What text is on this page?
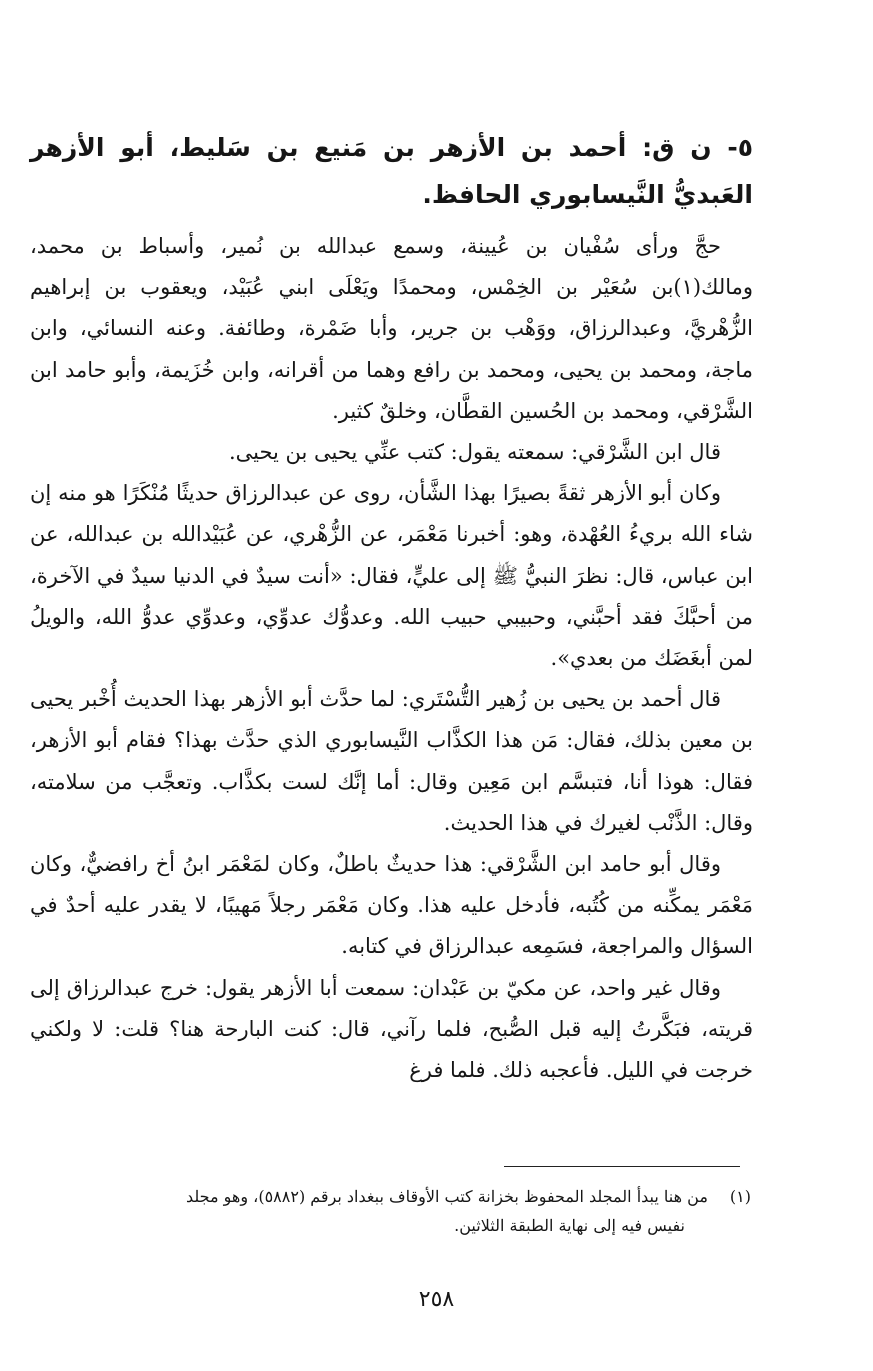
٥- ن ق: أحمد بن الأزهر بن مَنيع بن سَليط، أبو الأزهر العَبديُّ النَّيسابوري الحافظ.

حجَّ ورأى سُفْيان بن عُيينة، وسمع عبدالله بن نُمير، وأسباط بن محمد، ومالك(١)بن سُعَيْر بن الخِمْس، ومحمدًا ويَعْلَى ابني عُبَيْد، ويعقوب بن إبراهيم الزُّهْريَّ، وعبدالرزاق، ووَهْب بن جرير، وأبا ضَمْرة، وطائفة. وعنه النسائي، وابن ماجة، ومحمد بن يحيى، ومحمد بن رافع وهما من أقرانه، وابن خُزَيمة، وأبو حامد ابن الشَّرْقي، ومحمد بن الحُسين القطَّان، وخلقٌ كثير.

قال ابن الشَّرْقي: سمعته يقول: كتب عنِّي يحيى بن يحيى.

وكان أبو الأزهر ثقةً بصيرًا بهذا الشَّأن، روى عن عبدالرزاق حديثًا مُنْكَرًا هو منه إن شاء الله بريءُ العُهْدة، وهو: أخبرنا مَعْمَر، عن الزُّهْري، عن عُبَيْدالله بن عبدالله، عن ابن عباس، قال: نظرَ النبيُّ ﷺ إلى عليٍّ، فقال: «أنت سيدٌ في الدنيا سيدٌ في الآخرة، من أحبَّكَ فقد أحبَّني، وحبيبي حبيب الله. وعدوُّك عدوِّي، وعدوِّي عدوُّ الله، والويلُ لمن أبغَضَك من بعدي».

قال أحمد بن يحيى بن زُهير التُّسْتَري: لما حدَّث أبو الأزهر بهذا الحديث أُخْبر يحيى بن معين بذلك، فقال: مَن هذا الكذَّاب النَّيسابوري الذي حدَّث بهذا؟ فقام أبو الأزهر، فقال: هوذا أنا، فتبسَّم ابن مَعِين وقال: أما إنَّك لست بكذَّاب. وتعجَّب من سلامته، وقال: الذَّنْب لغيرك في هذا الحديث.

وقال أبو حامد ابن الشَّرْقي: هذا حديثٌ باطلٌ، وكان لمَعْمَر ابنُ أخ رافضيٌّ، وكان مَعْمَر يمكِّنه من كُتُبه، فأدخل عليه هذا. وكان مَعْمَر رجلاً مَهيبًا، لا يقدر عليه أحدٌ في السؤال والمراجعة، فسَمِعه عبدالرزاق في كتابه.

وقال غير واحد، عن مكيّ بن عَبْدان: سمعت أبا الأزهر يقول: خرج عبدالرزاق إلى قريته، فبَكَّرتُ إليه قبل الصُّبح، فلما رآني، قال: كنت البارحة هنا؟ قلت: لا ولكني خرجت في الليل. فأعجبه ذلك. فلما فرغ

(١)من هنا يبدأ المجلد المحفوظ بخزانة كتب الأوقاف ببغداد برقم (٥٨٨٢)، وهو مجلد
نفيس فيه إلى نهاية الطبقة الثلاثين.
٢٥٨
